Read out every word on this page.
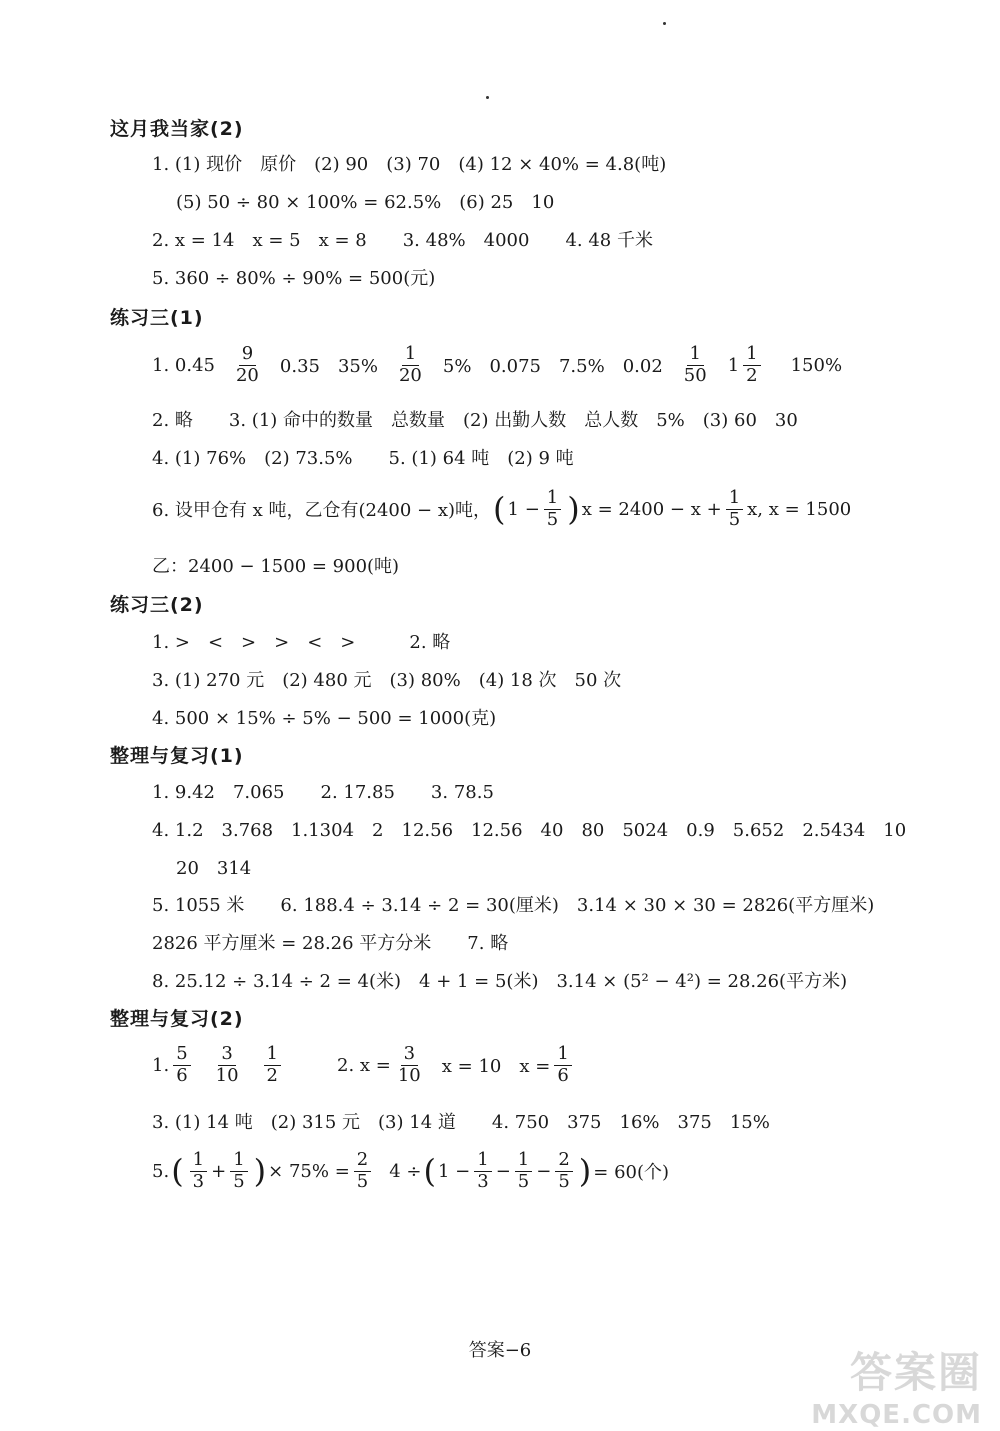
这月我当家(2)
1. (1) 现价　原价　(2) 90　(3) 70　(4) 12 × 40% = 4.8(吨)
(5) 50 ÷ 80 × 100% = 62.5%　(6) 25　10
2. x = 14　x = 5　x = 8　　3. 48%　4000　　4. 48 千米
5. 360 ÷ 80% ÷ 90% = 500(元)
练习三(1)
1. $0.45 \frac{9}{20} 0.35$　$35\% \frac{1}{20} 5\%$　0.075　7.5%　$0.02 \frac{1}{50} 1 \frac{1}{2} 150\%$
2. 略　　3. (1) 命中的数量　总数量　(2) 出勤人数　总人数　5%　(3) 60　30
4. (1) 76%　(2) 73.5%　　5. (1) 64 吨　(2) 9 吨
6. 设甲仓有 x 吨，乙仓有(2400 − x)吨， ( $1 - \frac{1}{5}$ ) $x = 2400 - x + \frac{1}{5} x$, x = 1500
乙：2400 − 1500 = 900(吨)
练习三(2)
1. >　<　>　>　<　>　　　2. 略
3. (1) 270 元　(2) 480 元　(3) 80%　(4) 18 次　50 次
4. 500 × 15% ÷ 5% − 500 = 1000(克)
整理与复习(1)
1. 9.42　7.065　　2. 17.85　　3. 78.5
4. 1.2　3.768　1.1304　2　12.56　12.56　40　80　5024　0.9　5.652　2.5434　10
20　314
5. 1055 米　　6. 188.4 ÷ 3.14 ÷ 2 = 30(厘米)　3.14 × 30 × 30 = 2826(平方厘米)
2826 平方厘米 = 28.26 平方分米　　7. 略
8. 25.12 ÷ 3.14 ÷ 2 = 4(米)　4 + 1 = 5(米)　3.14 × (5² − 4²) = 28.26(平方米)
整理与复习(2)
1. $\frac{5}{6} \frac{3}{10} \frac{1}{2}$	2. $x = \frac{3}{10}$ x = 10　$x = \frac{1}{6}$
3. (1) 14 吨　(2) 315 元　(3) 14 道　　4. 750　375　16%　375　15%
5. ( $\frac{1}{3} + \frac{1}{5}$ ) × $75\% = \frac{2}{5} 4$ ÷ ( $1 - \frac{1}{3} - \frac{1}{5} - \frac{2}{5}$ ) = 60(个)
答案−6	答案圈
MXQE.COM
